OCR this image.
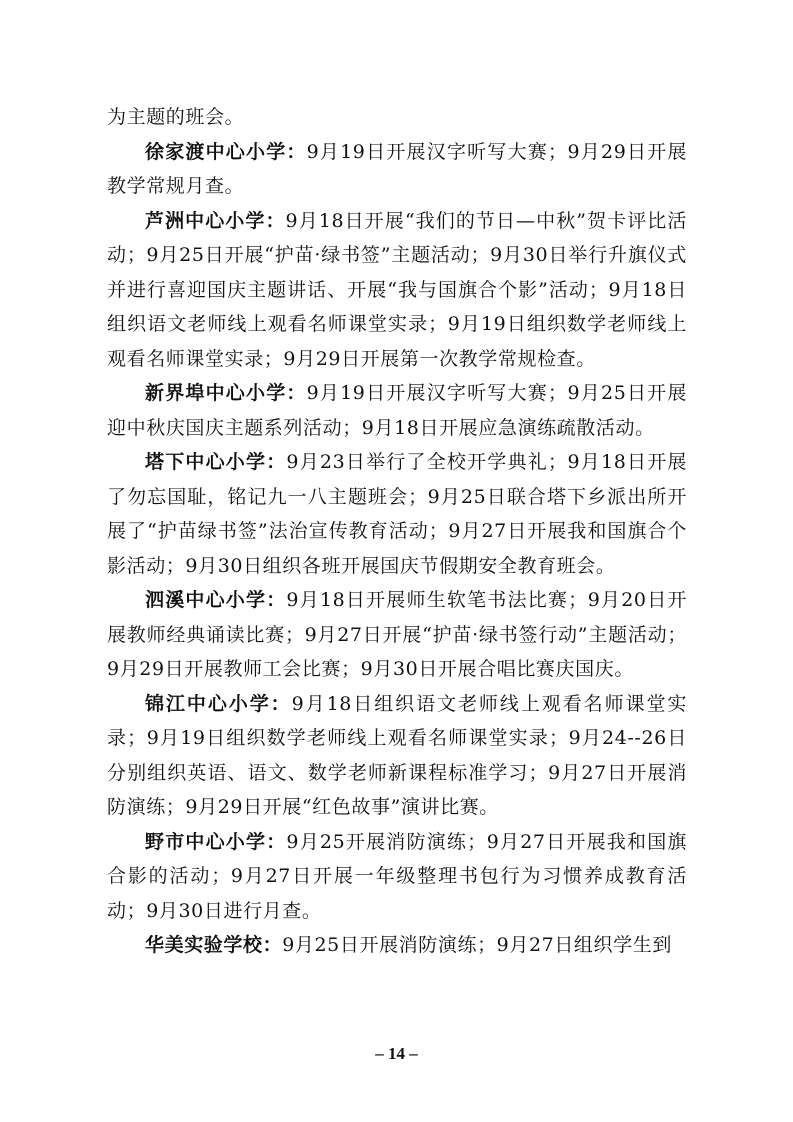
为主题的班会。

徐家渡中心小学：9月19日开展汉字听写大赛；9月29日开展教学常规月查。

芦洲中心小学：9月18日开展“我们的节日—中秋”贺卡评比活动；9月25日开展“护苗·绿书签”主题活动；9月30日举行升旗仪式并进行喜迎国庆主题讲话、开展“我与国旗合个影”活动；9月18日组织语文老师线上观看名师课堂实录；9月19日组织数学老师线上观看名师课堂实录；9月29日开展第一次教学常规检查。

新界埠中心小学：9月19日开展汉字听写大赛；9月25日开展迎中秋庆国庆主题系列活动；9月18日开展应急演练疏散活动。

塔下中心小学：9月23日举行了全校开学典礼；9月18日开展了勿忘国耻，铭记九一八主题班会；9月25日联合塔下乡派出所开展了“护苗绿书签”法治宣传教育活动；9月27日开展我和国旗合个影活动；9月30日组织各班开展国庆节假期安全教育班会。

泗溪中心小学：9月18日开展师生软笔书法比赛；9月20日开展教师经典诵读比赛；9月27日开展“护苗·绿书签行动”主题活动；9月29日开展教师工会比赛；9月30日开展合唱比赛庆国庆。

锦江中心小学：9月18日组织语文老师线上观看名师课堂实录；9月19日组织数学老师线上观看名师课堂实录；9月24--26日分别组织英语、语文、数学老师新课程标准学习；9月27日开展消防演练；9月29日开展“红色故事”演讲比赛。

野市中心小学：9月25开展消防演练；9月27日开展我和国旗合影的活动；9月27日开展一年级整理书包行为习惯养成教育活动；9月30日进行月查。

华美实验学校：9月25日开展消防演练；9月27日组织学生到

– 14 –
